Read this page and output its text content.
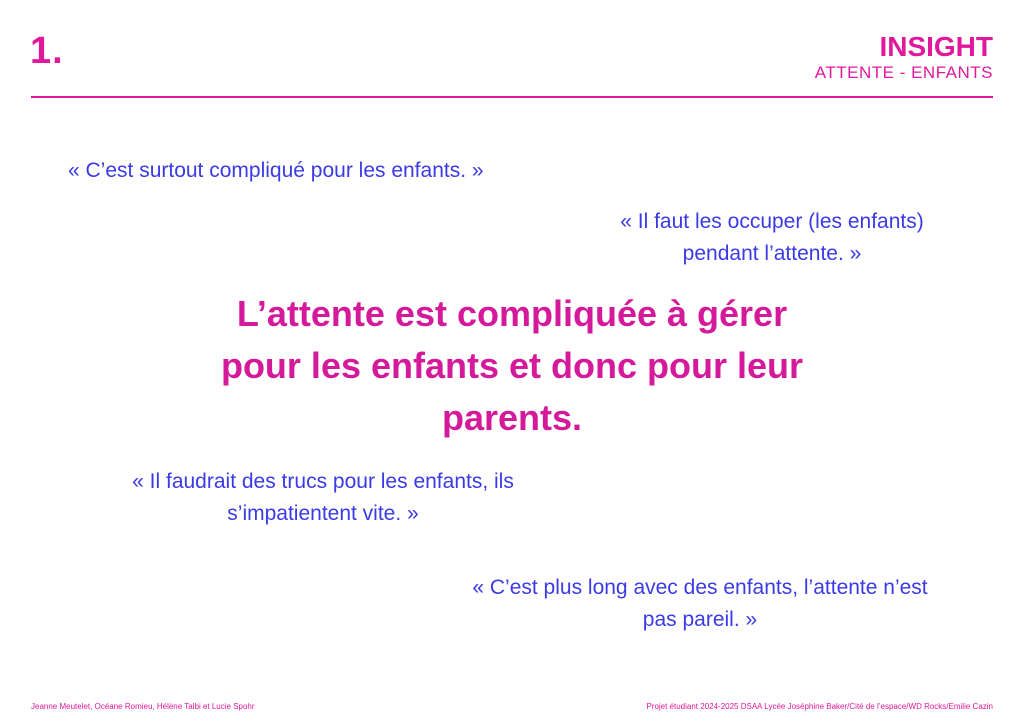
1.	INSIGHT
ATTENTE - ENFANTS
« C’est surtout compliqué pour les enfants. »
« Il faut les occuper (les enfants)
pendant l’attente. »
L’attente est compliquée à gérer
pour les enfants et donc pour leur
parents.
« Il faudrait des trucs pour les enfants, ils
s’impatientent vite. »
« C’est plus long avec des enfants, l’attente n’est
pas pareil. »
Jeanne Meutelet, Océane Romieu, Hélène Talbi et Lucie Spohr	Projet étudiant 2024-2025 DSAA Lycée Joséphine Baker/Cité de l’espace/WD Rocks/Emilie Cazin
